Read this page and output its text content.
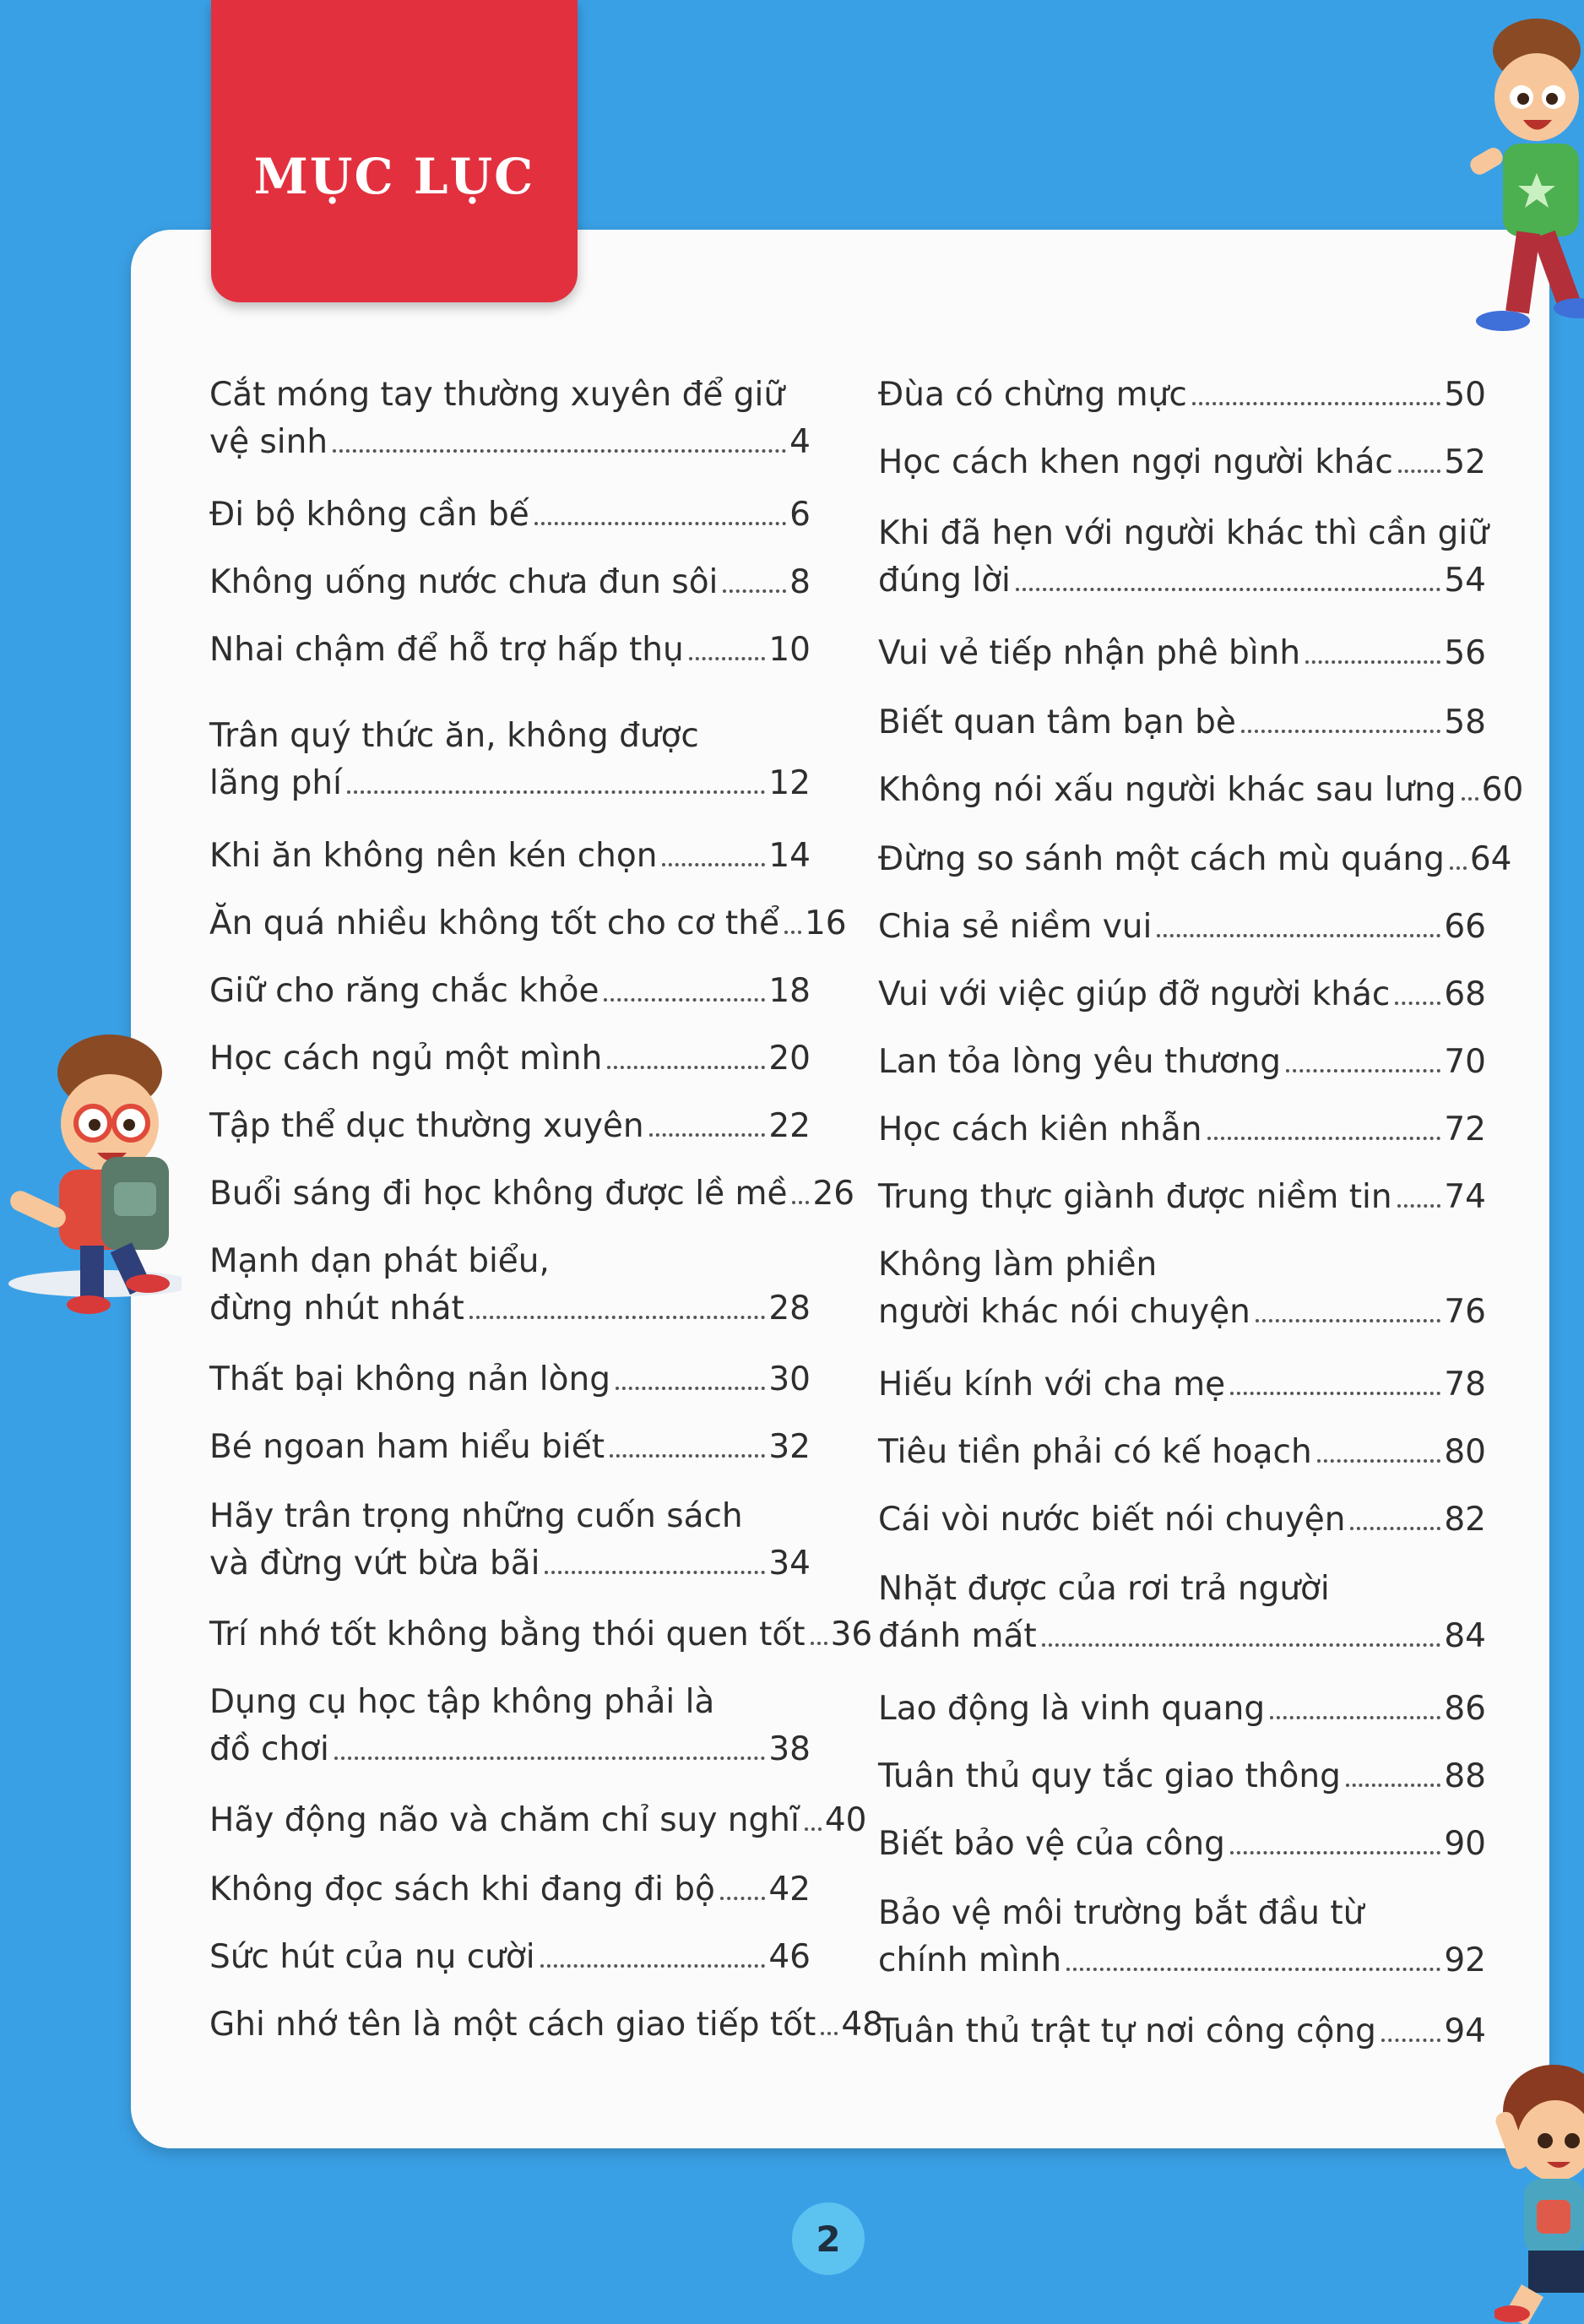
MỤC LỤC
Cắt móng tay thường xuyên để giữ
vệ sinh	4
Đi bộ không cần bế	6
Không uống nước chưa đun sôi 8
Nhai chậm để hỗ trợ hấp thụ	10
Trân quý thức ăn, không được
lãng phí	12
Khi ăn không nên kén chọn	14
Ăn quá nhiều không tốt cho cơ thể 16
Giữ cho răng chắc khỏe	18
Học cách ngủ một mình	20
Tập thể dục thường xuyên	22
Buổi sáng đi học không được lề mề 26
Mạnh dạn phát biểu,
đừng nhút nhát	28
Thất bại không nản lòng	30
Bé ngoan ham hiểu biết	32
Hãy trân trọng những cuốn sách
và đừng vứt bừa bãi	34
Trí nhớ tốt không bằng thói quen tốt 36
Dụng cụ học tập không phải là
đồ chơi	38
Hãy động não và chăm chỉ suy nghĩ 40
Không đọc sách khi đang đi bộ 42
Sức hút của nụ cười	46
Ghi nhớ tên là một cách giao tiếp tốt 48
Đùa có chừng mực	50
Học cách khen ngợi người khác 52
Khi đã hẹn với người khác thì cần giữ
đúng lời	54
Vui vẻ tiếp nhận phê bình	56
Biết quan tâm bạn bè	58
Không nói xấu người khác sau lưng 60
Đừng so sánh một cách mù quáng 64
Chia sẻ niềm vui	66
Vui với việc giúp đỡ người khác 68
Lan tỏa lòng yêu thương	70
Học cách kiên nhẫn	72
Trung thực giành được niềm tin 74
Không làm phiền
người khác nói chuyện	76
Hiếu kính với cha mẹ	78
Tiêu tiền phải có kế hoạch	80
Cái vòi nước biết nói chuyện	82
Nhặt được của rơi trả người
đánh mất	84
Lao động là vinh quang	86
Tuân thủ quy tắc giao thông	88
Biết bảo vệ của công	90
Bảo vệ môi trường bắt đầu từ
chính mình	92
Tuân thủ trật tự nơi công cộng 94
2
